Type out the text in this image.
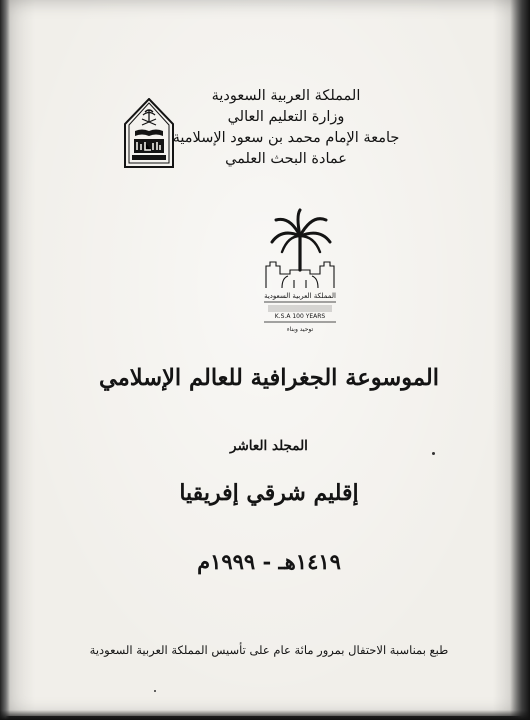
المملكة العربية السعودية
وزارة التعليم العالي
جامعة الإمام محمد بن سعود الإسلامية
عمادة البحث العلمي
المملكة العربية السعودية
K.S.A 100 YEARS
توحيد وبناء
الموسوعة الجغرافية للعالم الإسلامي
المجلد العاشر
إقليم شرقي إفريقيا
١٤١٩هـ - ١٩٩٩م
طبع بمناسبة الاحتفال بمرور مائة عام على تأسيس المملكة العربية السعودية
